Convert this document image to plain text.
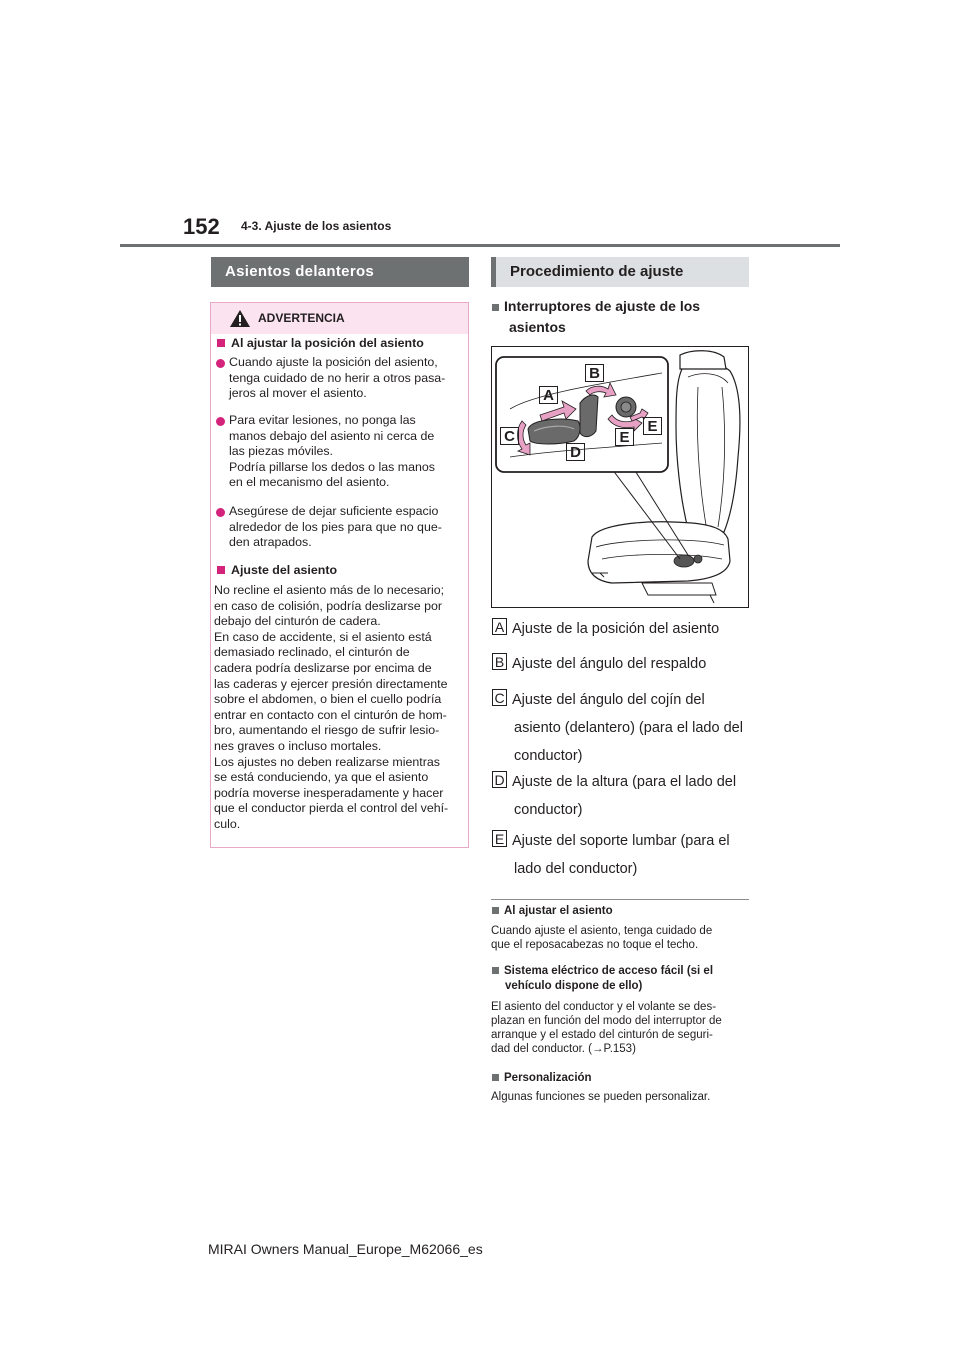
152 4-3. Ajuste de los asientos
Asientos delanteros	Procedimiento de ajuste
ADVERTENCIA
Al ajustar la posición del asiento
Cuando ajuste la posición del asiento,
tenga cuidado de no herir a otros pasa-
jeros al mover el asiento.
Para evitar lesiones, no ponga las
manos debajo del asiento ni cerca de
las piezas móviles.
Podría pillarse los dedos o las manos
en el mecanismo del asiento.
Asegúrese de dejar suficiente espacio
alrededor de los pies para que no que-
den atrapados.
Ajuste del asiento
No recline el asiento más de lo necesario;
en caso de colisión, podría deslizarse por
debajo del cinturón de cadera.
En caso de accidente, si el asiento está
demasiado reclinado, el cinturón de
cadera podría deslizarse por encima de
las caderas y ejercer presión directamente
sobre el abdomen, o bien el cuello podría
entrar en contacto con el cinturón de hom-
bro, aumentando el riesgo de sufrir lesio-
nes graves o incluso mortales.
Los ajustes no deben realizarse mientras
se está conduciendo, ya que el asiento
podría moverse inesperadamente y hacer
que el conductor pierda el control del vehí-
culo.
Interruptores de ajuste de los
asientos
A
B
C
D
E
E
A Ajuste de la posición del asiento
B Ajuste del ángulo del respaldo
C Ajuste del ángulo del cojín del
asiento (delantero) (para el lado del
conductor)
D Ajuste de la altura (para el lado del
conductor)
E Ajuste del soporte lumbar (para el
lado del conductor)
Al ajustar el asiento
Cuando ajuste el asiento, tenga cuidado de
que el reposacabezas no toque el techo.
Sistema eléctrico de acceso fácil (si el
vehículo dispone de ello)
El asiento del conductor y el volante se des-
plazan en función del modo del interruptor de
arranque y el estado del cinturón de seguri-
dad del conductor. (→P.153)
Personalización
Algunas funciones se pueden personalizar.
MIRAI Owners Manual_Europe_M62066_es
